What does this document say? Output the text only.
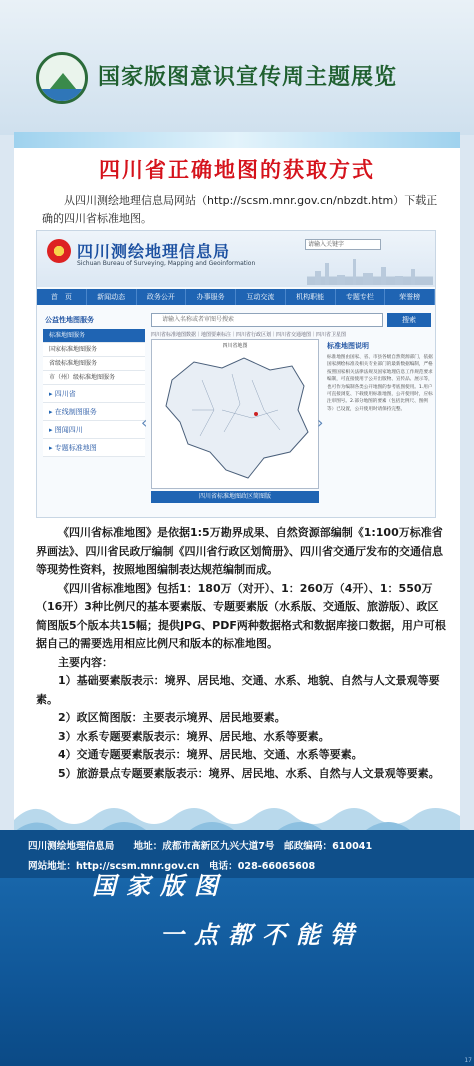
国家版图意识宣传周主题展览
四川省正确地图的获取方式
从四川测绘地理信息局网站（http://scsm.mnr.gov.cn/nbzdt.htm）下载正确的四川省标准地图。
四川测绘地理信息局
Sichuan Bureau of Surveying, Mapping and Geoinformation
请输入关键字
首　页	新闻动态	政务公开	办事服务	互动交流	机构职能	专题专栏	荣誉榜
公益性地图服务
标准地图服务
国家标准地图服务
省级标准地图服务
市（州）级标准地图服务
▸ 四川省
▸ 在线制图服务
▸ 图闻四川
▸ 专题标准地图
请输入名称或者审图号搜索	搜索
四川省标准地图数据｜地图要素标注｜四川省行政区划｜四川省交通地图｜四川省卫星图
四川省地图
四川省标准地图政区简图版
‹	›
标准地图说明
标准地图由国家、省、市县各级自然资源部门，依据国家测绘标准及相关专业部门的最新数据编制，严格按照国家相关法律法规及国家地理信息工作规范要求编制，可直接使用于公开出版物、宣传品、展示等，也可作为编制各类公开地图的参考底图使用。1.用户可直接浏览、下载使用标准地图，公开使用时，应标注审图号。2.部分地图的要素（包括比例尺、图例等）已设置，公开使用时请保持完整。

《四川省标准地图》是依据1:5万勘界成果、自然资源部编制《1:100万标准省界画法》、四川省民政厅编制《四川省行政区划简册》、四川省交通厅发布的交通信息等现势性资料，按照地图编制表达规范编制而成。

《四川省标准地图》包括1：180万（对开）、1：260万（4开）、1：550万（16开）3种比例尺的基本要素版、专题要素版（水系版、交通版、旅游版）、政区简图版5个版本共15幅；提供JPG、PDF两种数据格式和数据库接口数据，用户可根据自己的需要选用相应比例尺和版本的标准地图。

主要内容：

1）基础要素版表示：境界、居民地、交通、水系、地貌、自然与人文景观等要素。

2）政区简图版：主要表示境界、居民地要素。

3）水系专题要素版表示：境界、居民地、水系等要素。

4）交通专题要素版表示：境界、居民地、交通、水系等要素。

5）旅游景点专题要素版表示：境界、居民地、水系、自然与人文景观等要素。

四川测绘地理信息局　　地址：成都市高新区九兴大道7号　邮政编码：610041
网站地址：http://scsm.mnr.gov.cn　电话：028-66065608
国家版图
一点都不能错
17
